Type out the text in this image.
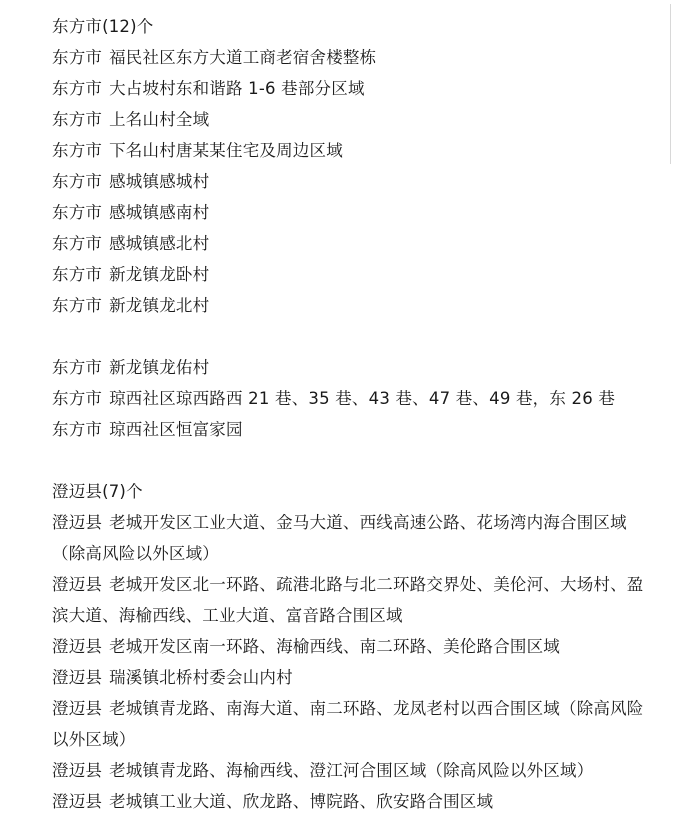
东方市(12)个
东方市 福民社区东方大道工商老宿舍楼整栋
东方市 大占坡村东和谐路 1-6 巷部分区域
东方市 上名山村全域
东方市 下名山村唐某某住宅及周边区域
东方市 感城镇感城村
东方市 感城镇感南村
东方市 感城镇感北村
东方市 新龙镇龙卧村
东方市 新龙镇龙北村
东方市 新龙镇龙佑村
东方市 琼西社区琼西路西 21 巷、35 巷、43 巷、47 巷、49 巷，东 26 巷
东方市 琼西社区恒富家园
澄迈县(7)个
澄迈县 老城开发区工业大道、金马大道、西线高速公路、花场湾内海合围区域（除高风险以外区域）
澄迈县 老城开发区北一环路、疏港北路与北二环路交界处、美伦河、大场村、盈滨大道、海榆西线、工业大道、富音路合围区域
澄迈县 老城开发区南一环路、海榆西线、南二环路、美伦路合围区域
澄迈县 瑞溪镇北桥村委会山内村
澄迈县 老城镇青龙路、南海大道、南二环路、龙凤老村以西合围区域（除高风险以外区域）
澄迈县 老城镇青龙路、海榆西线、澄江河合围区域（除高风险以外区域）
澄迈县 老城镇工业大道、欣龙路、博院路、欣安路合围区域
